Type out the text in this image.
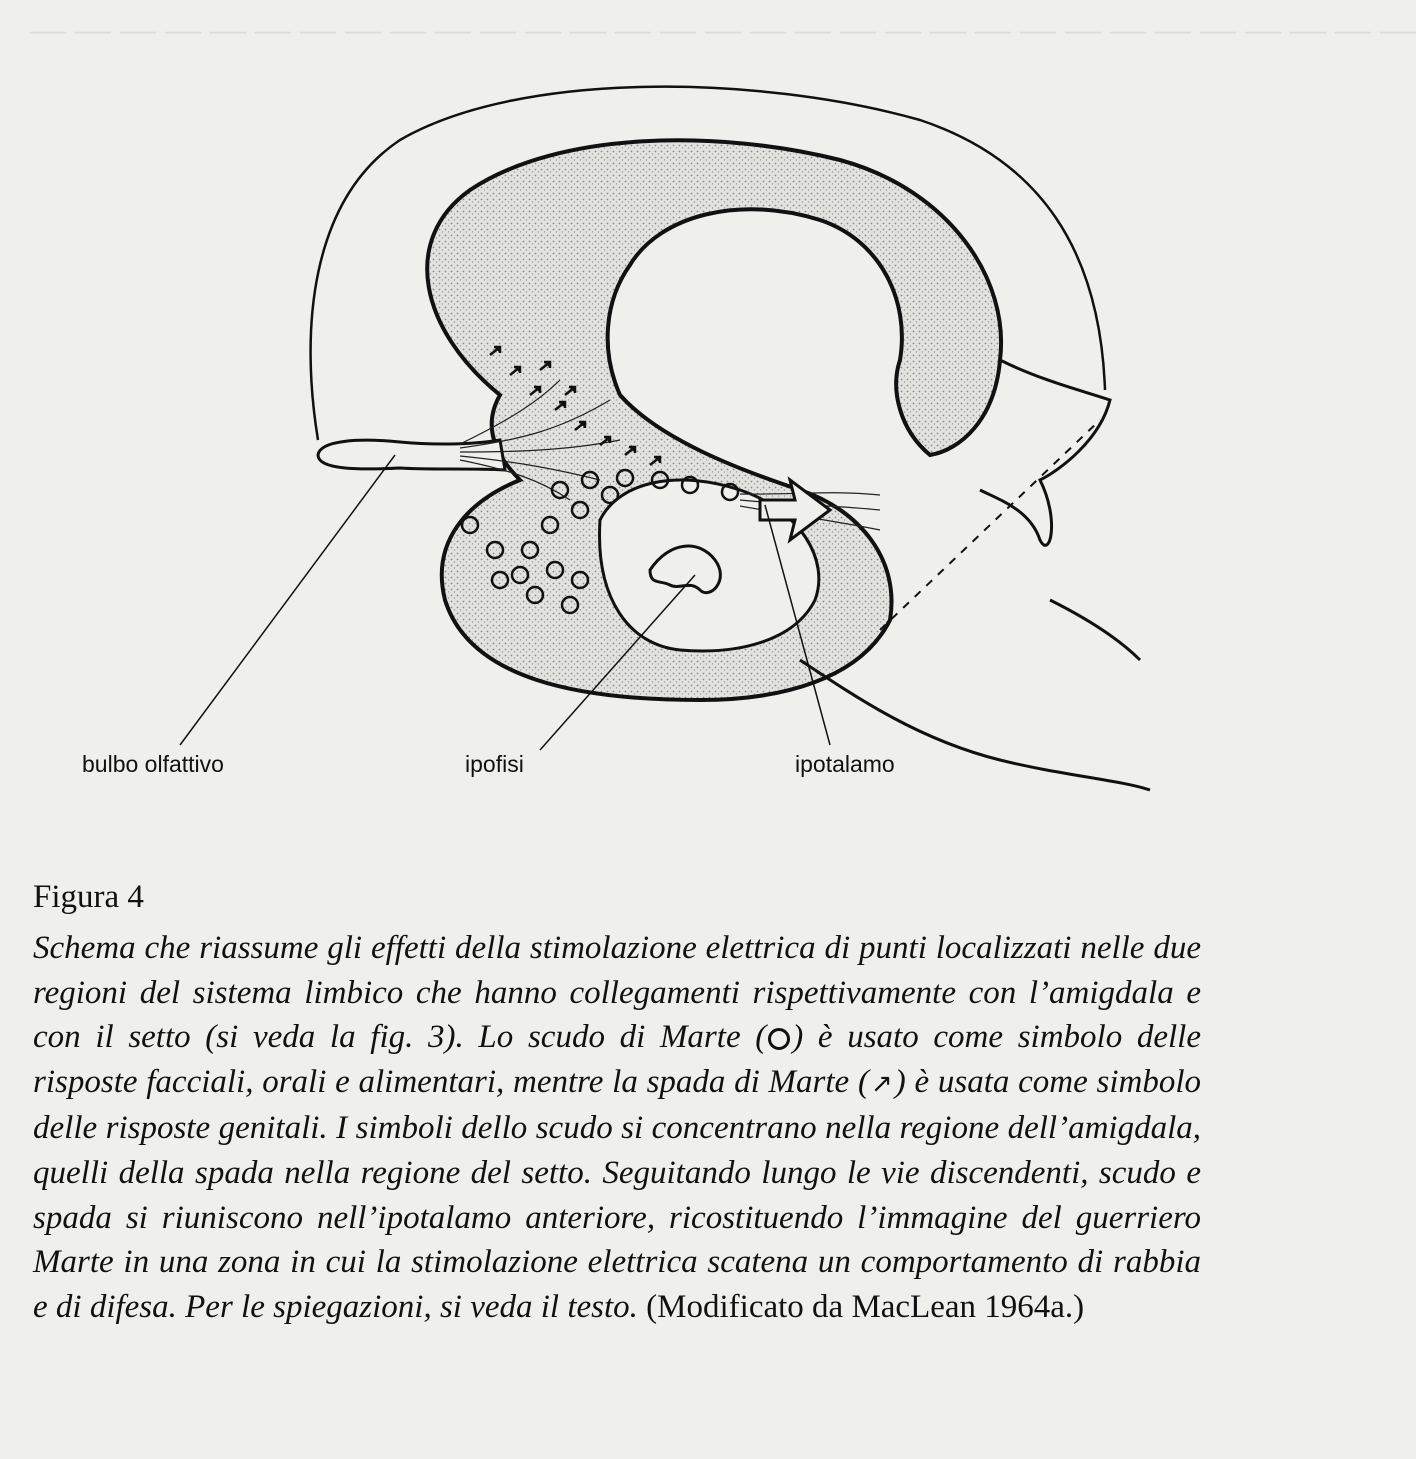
— — — — — — — — — — — — — — — — — — — — — — — — — — — — — — —
bulbo olfattivo	ipofisi	ipotalamo
Figura 4
Schema che riassume gli effetti della stimolazione elettrica di punti localizzati nelle due regioni del sistema limbico che hanno collegamenti rispettivamente con l’amigdala e con il setto (si veda la fig. 3). Lo scudo di Marte ( ) è usato come simbolo delle risposte facciali, orali e alimentari, mentre la spada di Marte (↗) è usata come simbolo delle risposte genitali. I simboli dello scudo si concentrano nella regione dell’amigdala, quelli della spada nella regione del setto. Seguitando lungo le vie discendenti, scudo e spada si riuniscono nell’ipotalamo anteriore, ricostituendo l’immagine del guerriero Marte in una zona in cui la stimolazione elettrica scatena un comportamento di rabbia e di difesa. Per le spiegazioni, si veda il testo. (Modificato da MacLean 1964a.)
